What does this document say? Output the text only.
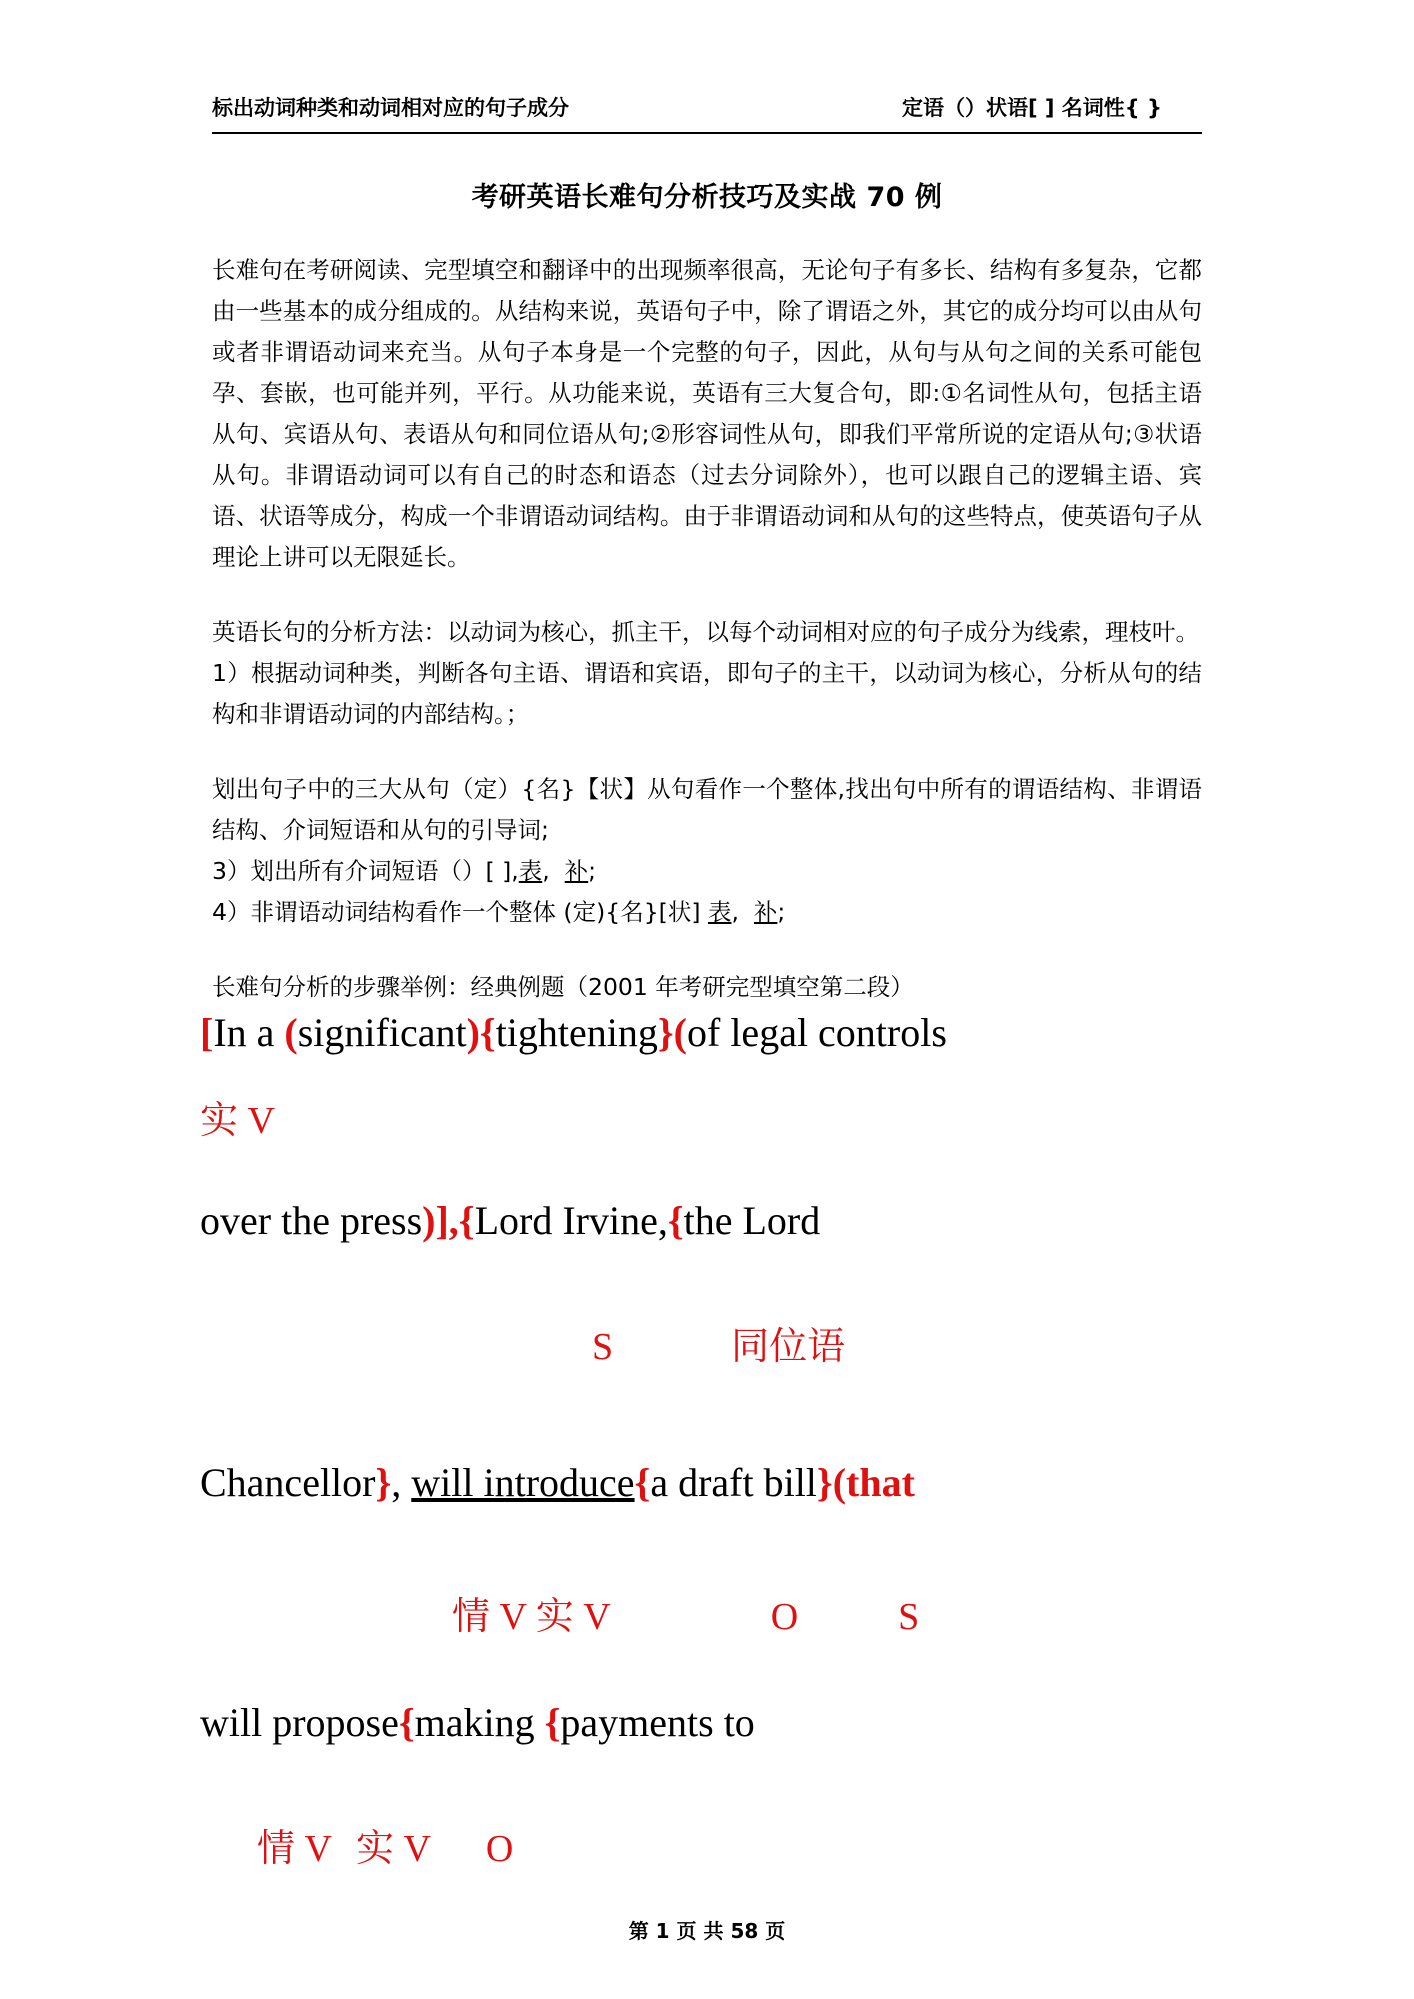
标出动词种类和动词相对应的句子成分	定语（）状语[ ] 名词性{ }
考研英语长难句分析技巧及实战 70 例

长难句在考研阅读、完型填空和翻译中的出现频率很高，无论句子有多长、结构有多复杂，它都由一些基本的成分组成的。从结构来说，英语句子中，除了谓语之外，其它的成分均可以由从句或者非谓语动词来充当。从句子本身是一个完整的句子，因此，从句与从句之间的关系可能包孕、套嵌，也可能并列，平行。从功能来说，英语有三大复合句，即:①名词性从句，包括主语从句、宾语从句、表语从句和同位语从句;②形容词性从句，即我们平常所说的定语从句;③状语从句。非谓语动词可以有自己的时态和语态（过去分词除外），也可以跟自己的逻辑主语、宾语、状语等成分，构成一个非谓语动词结构。由于非谓语动词和从句的这些特点，使英语句子从理论上讲可以无限延长。

英语长句的分析方法：以动词为核心，抓主干，以每个动词相对应的句子成分为线索，理枝叶。

1）根据动词种类，判断各句主语、谓语和宾语，即句子的主干，以动词为核心，分析从句的结构和非谓语动词的内部结构。；

划出句子中的三大从句（定）{名}【状】从句看作一个整体,找出句中所有的谓语结构、非谓语结构、介词短语和从句的引导词;

3）划出所有介词短语（）[ ],表, 补;

4）非谓语动词结构看作一个整体 (定){名}[状] 表, 补;

长难句分析的步骤举例：经典例题（2001 年考研完型填空第二段）

[In a (significant){tightening}(of legal controls
实 V
over the press)],{Lord Irvine,{the Lord

S	同位语

Chancellor}, will introduce{a draft bill}(that

情 V 实 V	O	S

will propose{making {payments to

情 V 实 V O

第 1 页 共 58 页
